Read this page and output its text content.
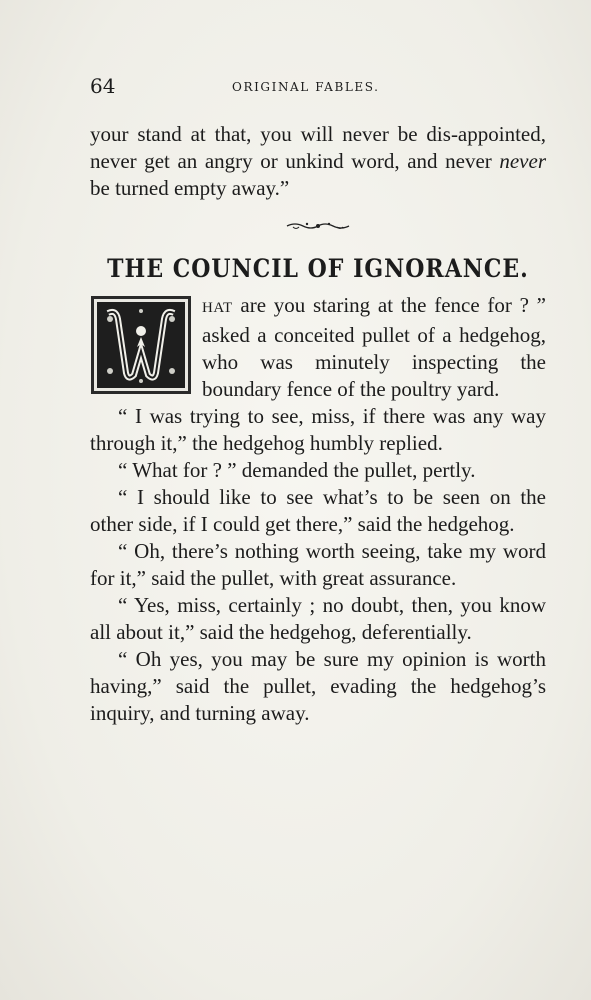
64	ORIGINAL FABLES.

your stand at that, you will never be dis-appointed, never get an angry or unkind word, and never never be turned empty away.”

THE COUNCIL OF IGNORANCE.

HAT are you staring at the fence for ? ” asked a conceited pullet of a hedgehog, who was minutely inspecting the boundary fence of the poultry yard.

“ I was trying to see, miss, if there was any way through it,” the hedgehog humbly replied.

“ What for ? ” demanded the pullet, pertly.

“ I should like to see what’s to be seen on the other side, if I could get there,” said the hedgehog.

“ Oh, there’s nothing worth seeing, take my word for it,” said the pullet, with great assurance.

“ Yes, miss, certainly ; no doubt, then, you know all about it,” said the hedgehog, deferentially.

“ Oh yes, you may be sure my opinion is worth having,” said the pullet, evading the hedgehog’s inquiry, and turning away.
